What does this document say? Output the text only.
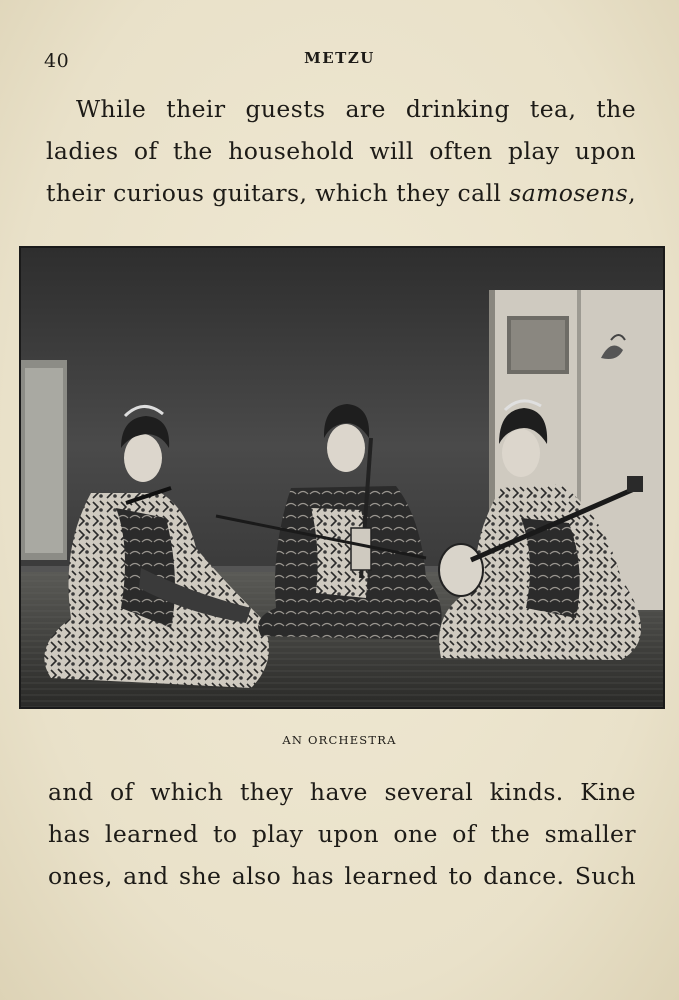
40	METZU
While their guests are drinking tea, the
ladies of the household will often play upon
their curious guitars, which they call samosens,
AN ORCHESTRA
and of which they have several kinds. Kine
has learned to play upon one of the smaller
ones, and she also has learned to dance. Such
